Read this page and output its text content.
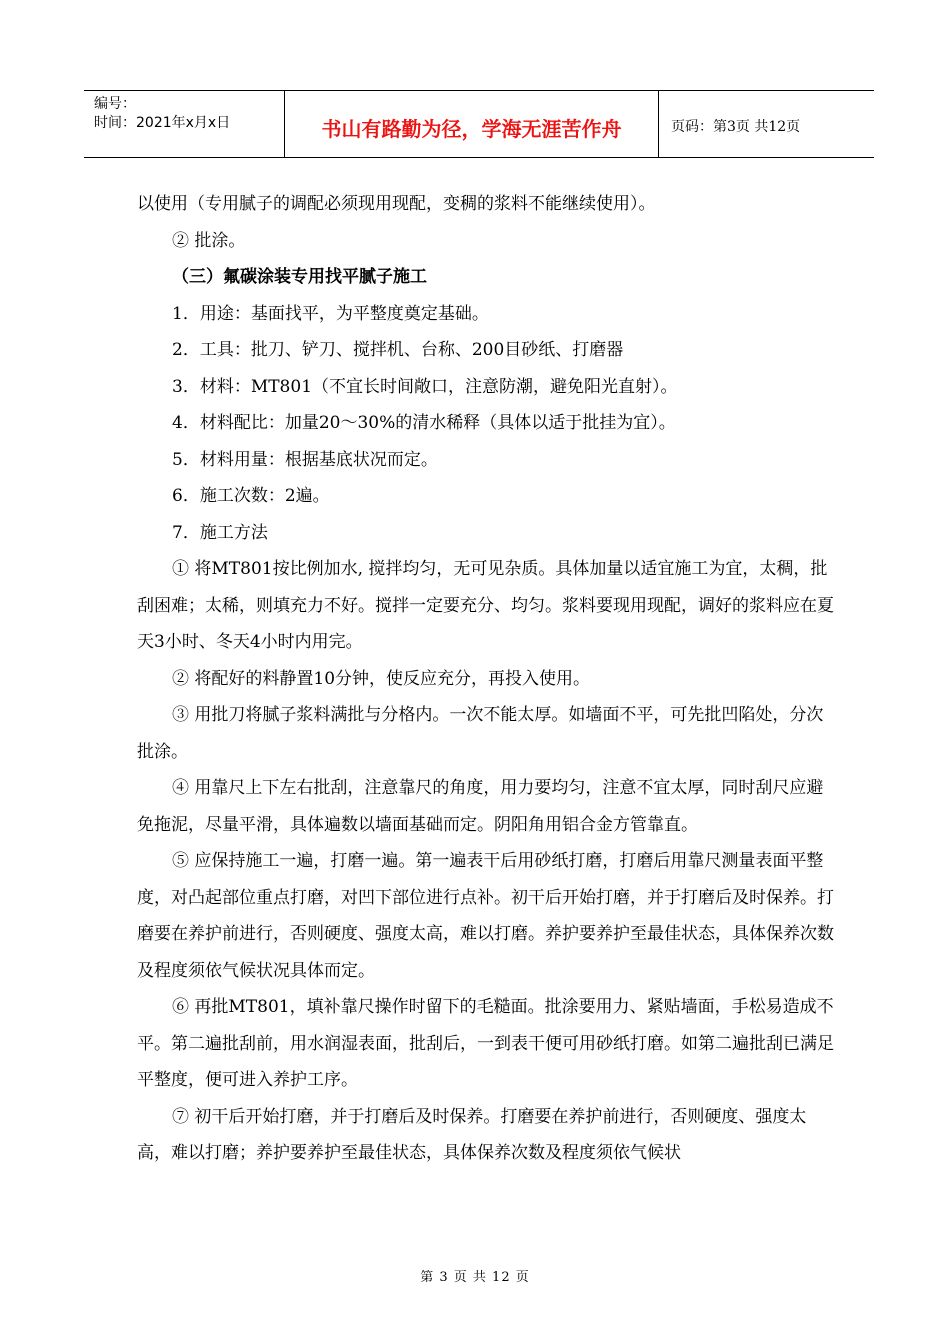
编号：
时间：2021年x月x日	书山有路勤为径，学海无涯苦作舟	页码：第3页 共12页

以使用（专用腻子的调配必须现用现配，变稠的浆料不能继续使用）。

② 批涂。

（三）氟碳涂装专用找平腻子施工

1．用途：基面找平，为平整度奠定基础。

2．工具：批刀、铲刀、搅拌机、台称、200目砂纸、打磨器

3．材料：MT801（不宜长时间敞口，注意防潮，避免阳光直射）。

4．材料配比：加量20～30%的清水稀释（具体以适于批挂为宜）。

5．材料用量：根据基底状况而定。

6．施工次数：2遍。

7．施工方法

① 将MT801按比例加水, 搅拌均匀，无可见杂质。具体加量以适宜施工为宜，太稠，批刮困难；太稀，则填充力不好。搅拌一定要充分、均匀。浆料要现用现配，调好的浆料应在夏天3小时、冬天4小时内用完。

② 将配好的料静置10分钟，使反应充分，再投入使用。

③ 用批刀将腻子浆料满批与分格内。一次不能太厚。如墙面不平，可先批凹陷处，分次批涂。

④ 用靠尺上下左右批刮，注意靠尺的角度，用力要均匀，注意不宜太厚，同时刮尺应避免拖泥，尽量平滑，具体遍数以墙面基础而定。阴阳角用铝合金方管靠直。

⑤ 应保持施工一遍，打磨一遍。第一遍表干后用砂纸打磨，打磨后用靠尺测量表面平整度，对凸起部位重点打磨，对凹下部位进行点补。初干后开始打磨，并于打磨后及时保养。打磨要在养护前进行，否则硬度、强度太高，难以打磨。养护要养护至最佳状态，具体保养次数及程度须依气候状况具体而定。

⑥ 再批MT801，填补靠尺操作时留下的毛糙面。批涂要用力、紧贴墙面，手松易造成不平。第二遍批刮前，用水润湿表面，批刮后，一到表干便可用砂纸打磨。如第二遍批刮已满足平整度，便可进入养护工序。

⑦ 初干后开始打磨，并于打磨后及时保养。打磨要在养护前进行，否则硬度、强度太高，难以打磨；养护要养护至最佳状态，具体保养次数及程度须依气候状

第 3 页 共 12 页
